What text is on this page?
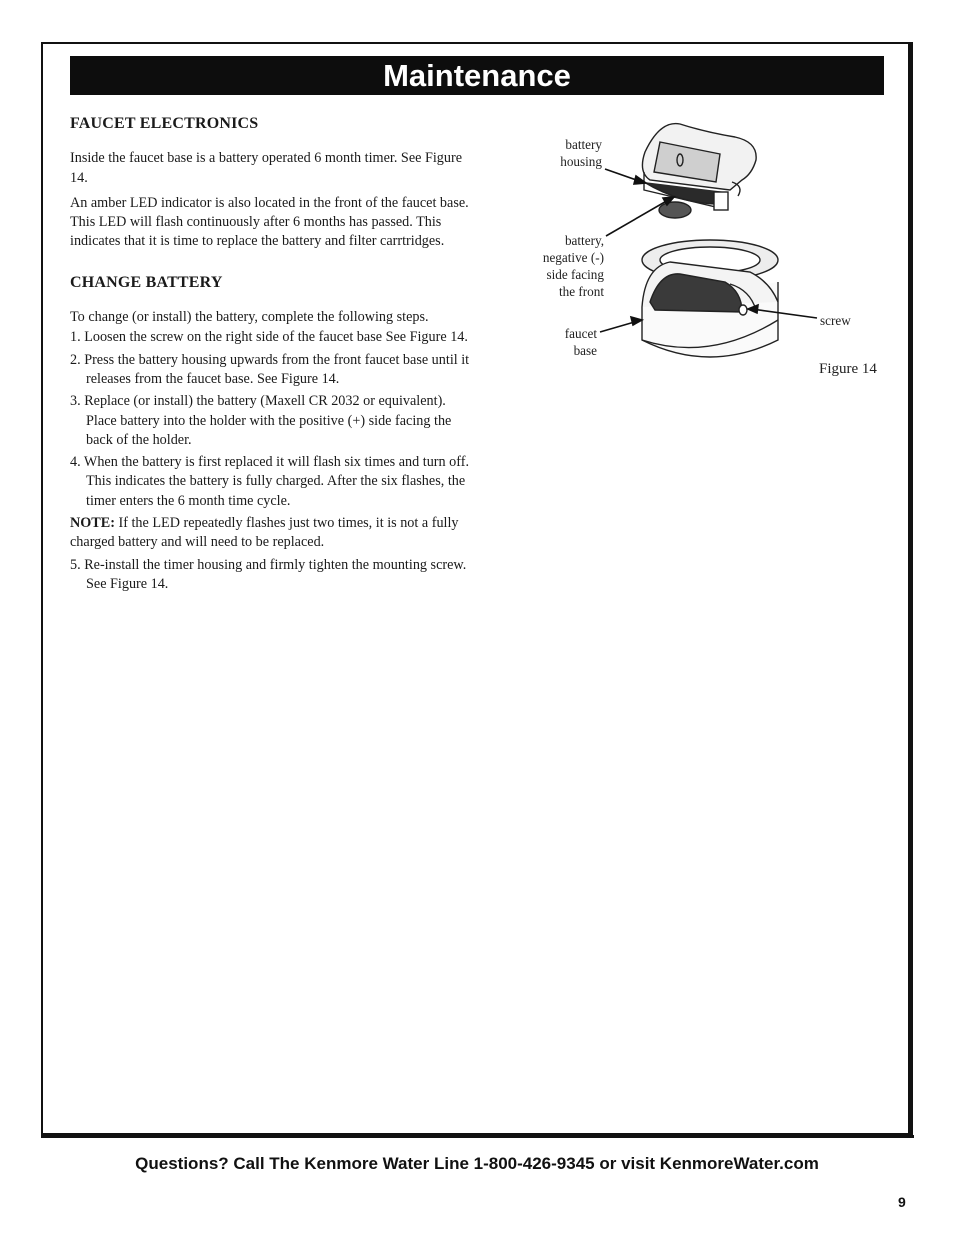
Maintenance
FAUCET ELECTRONICS

Inside the faucet base is a battery operated 6 month timer. See Figure 14.

An amber LED indicator is also located in the front of the faucet base. This LED will flash continuously after 6 months has passed. This indicates that it is time to replace the battery and filter carrtridges.

CHANGE BATTERY

To change (or install) the battery, complete the following steps.

1. Loosen the screw on the right side of the faucet base See Figure 14.
2. Press the battery housing upwards from the front faucet base until it releases from the faucet base. See Figure 14.
3. Replace (or install) the battery (Maxell CR 2032 or equivalent). Place battery into the holder with the positive (+) side facing the back of the holder.
4. When the battery is first replaced it will flash six times and turn off. This indicates the battery is fully charged. After the six flashes, the timer enters the 6 month time cycle.

NOTE: If the LED repeatedly flashes just two times, it is not a fully charged battery and will need to be replaced.

5. Re-install the timer housing and firmly tighten the mounting screw. See Figure 14.
battery
housing
battery,
negative (-)
side facing
the front
faucet
base
screw
Figure 14
Questions? Call The Kenmore Water Line 1-800-426-9345 or visit KenmoreWater.com
9
